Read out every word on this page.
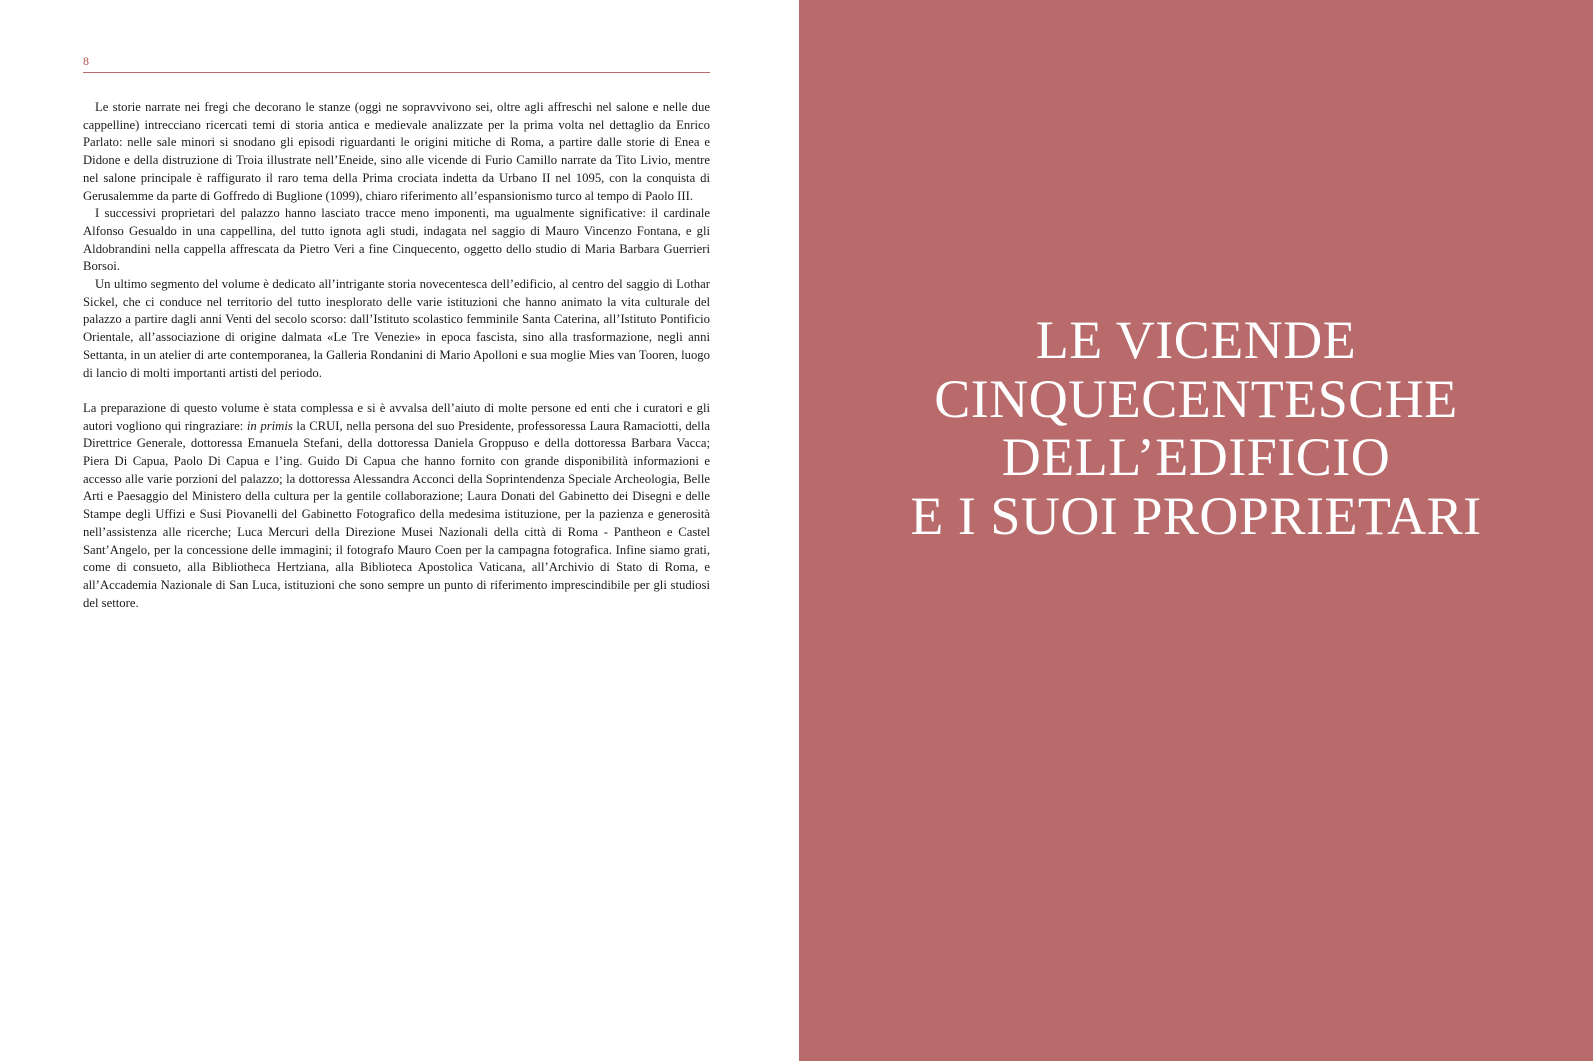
8

Le storie narrate nei fregi che decorano le stanze (oggi ne sopravvivono sei, oltre agli affreschi nel salone e nelle due cappelline) intrecciano ricercati temi di storia antica e medievale analizzate per la prima volta nel dettaglio da Enrico Parlato: nelle sale minori si snodano gli episodi riguardanti le origini mitiche di Roma, a partire dalle storie di Enea e Didone e della distruzione di Troia illustrate nell’Eneide, sino alle vicende di Furio Camillo narrate da Tito Livio, mentre nel salone principale è raffigurato il raro tema della Prima crociata indetta da Urbano II nel 1095, con la conquista di Gerusalemme da parte di Goffredo di Buglione (1099), chiaro riferimento all’espansionismo turco al tempo di Paolo III.

I successivi proprietari del palazzo hanno lasciato tracce meno imponenti, ma ugualmente significative: il cardinale Alfonso Gesualdo in una cappellina, del tutto ignota agli studi, indagata nel saggio di Mauro Vincenzo Fontana, e gli Aldobrandini nella cappella affrescata da Pietro Veri a fine Cinquecento, oggetto dello studio di Maria Barbara Guerrieri Borsoi.

Un ultimo segmento del volume è dedicato all’intrigante storia novecentesca dell’edificio, al centro del saggio di Lothar Sickel, che ci conduce nel territorio del tutto inesplorato delle varie istituzioni che hanno animato la vita culturale del palazzo a partire dagli anni Venti del secolo scorso: dall’Istituto scolastico femminile Santa Caterina, all’Istituto Pontificio Orientale, all’associazione di origine dalmata «Le Tre Venezie» in epoca fascista, sino alla trasformazione, negli anni Settanta, in un atelier di arte contemporanea, la Galleria Rondanini di Mario Apolloni e sua moglie Mies van Tooren, luogo di lancio di molti importanti artisti del periodo.

La preparazione di questo volume è stata complessa e si è avvalsa dell’aiuto di molte persone ed enti che i curatori e gli autori vogliono qui ringraziare: in primis la CRUI, nella persona del suo Presidente, professoressa Laura Ramaciotti, della Direttrice Generale, dottoressa Emanuela Stefani, della dottoressa Daniela Groppuso e della dottoressa Barbara Vacca; Piera Di Capua, Paolo Di Capua e l’ing. Guido Di Capua che hanno fornito con grande disponibilità informazioni e accesso alle varie porzioni del palazzo; la dottoressa Alessandra Acconci della Soprintendenza Speciale Archeologia, Belle Arti e Paesaggio del Ministero della cultura per la gentile collaborazione; Laura Donati del Gabinetto dei Disegni e delle Stampe degli Uffizi e Susi Piovanelli del Gabinetto Fotografico della medesima istituzione, per la pazienza e generosità nell’assistenza alle ricerche; Luca Mercuri della Direzione Musei Nazionali della città di Roma - Pantheon e Castel Sant’Angelo, per la concessione delle immagini; il fotografo Mauro Coen per la campagna fotografica. Infine siamo grati, come di consueto, alla Bibliotheca Hertziana, alla Biblioteca Apostolica Vaticana, all’Archivio di Stato di Roma, e all’Accademia Nazionale di San Luca, istituzioni che sono sempre un punto di riferimento imprescindibile per gli studiosi del settore.

LE VICENDE
CINQUECENTESCHE
DELL’EDIFICIO
E I SUOI PROPRIETARI
